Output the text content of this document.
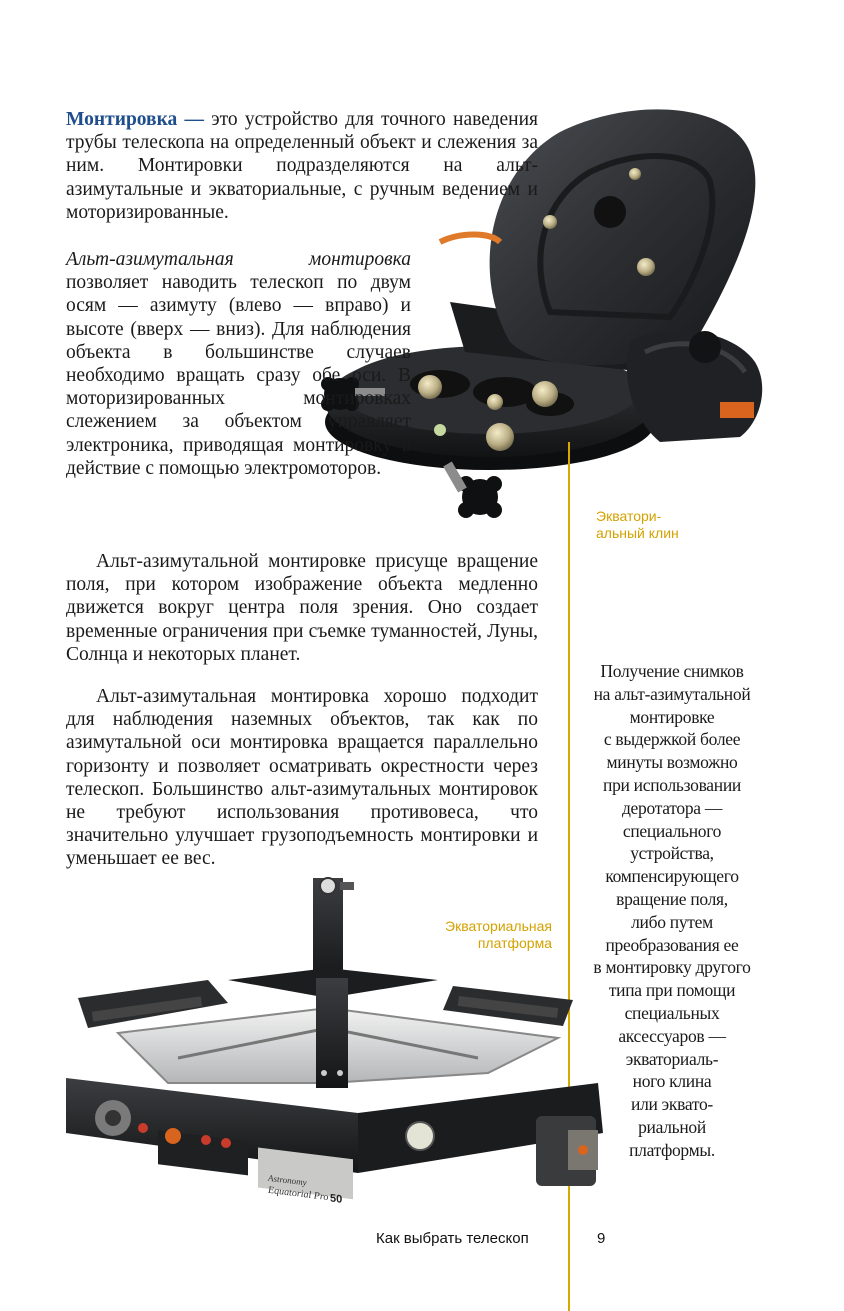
Монтировка — это устройство для точного наведения трубы телескопа на определенный объект и слежения за ним. Монтировки подразделяются на альт-азимутальные и экваториальные, с ручным ведением и моторизированные.

Альт-азимутальная монтировка позволяет наводить телескоп по двум осям — азимуту (влево — вправо) и высоте (вверх — вниз). Для наблюдения объекта в большинстве случаев необходимо вращать сразу обе оси. В моторизированных монтировках слежением за объектом управляет электроника, приводящая монтировку в действие с помощью электромоторов.

Альт-азимутальной монтировке присуще вращение поля, при котором изображение объекта медленно движется вокруг центра поля зрения. Оно создает временные ограничения при съемке туманностей, Луны, Солнца и некоторых планет.

Альт-азимутальная монтировка хорошо подходит для наблюдения наземных объектов, так как по азимутальной оси монтировка вращается параллельно горизонту и позволяет осматривать окрестности через телескоп. Большинство альт-азимутальных монтировок не требуют использования противовеса, что значительно улучшает грузоподъемность монтировки и уменьшает ее вес.

Экватори-
альный клин
Экваториальная
платформа
Получение снимков
на альт-азимутальной
монтировке
с выдержкой более
минуты возможно
при использовании
деротатора —
специального
устройства,
компенсирующего
вращение поля,
либо путем
преобразования ее
в монтировку другого
типа при помощи
специальных
аксессуаров —
экваториаль-
ного клина
или эквато-
риальной
платформы.
Astronomy
Equatorial Pro 50
Как выбрать телескоп	9
